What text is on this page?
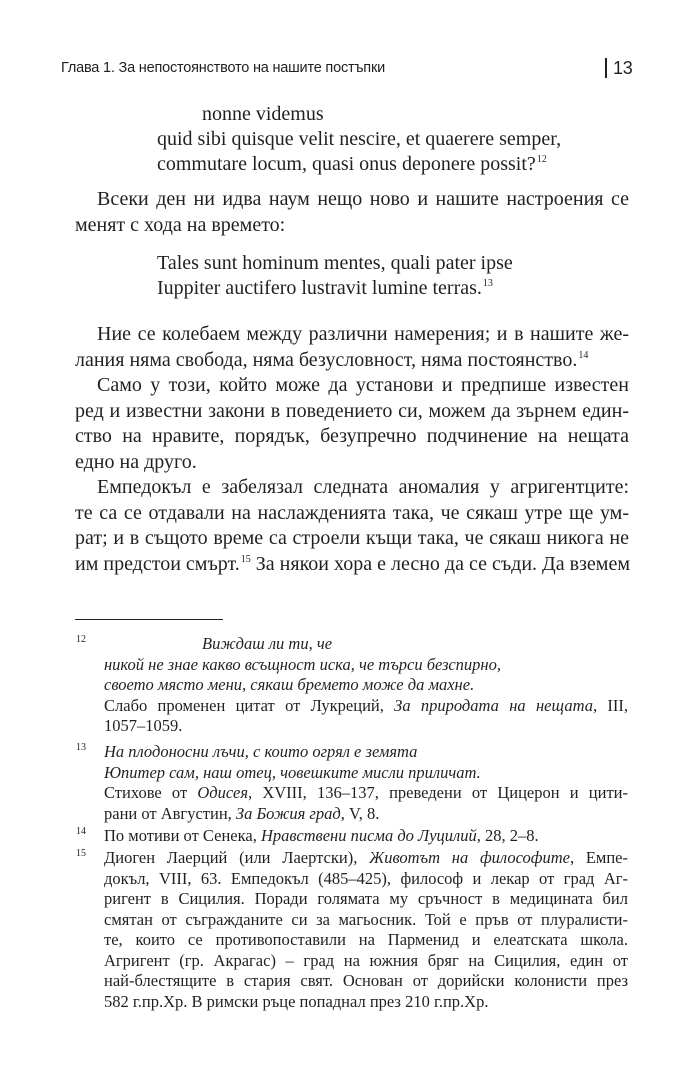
Глава 1. За непостоянството на нашите постъпки	13
nonne videmus
quid sibi quisque velit nescire, et quaerere semper,
commutare locum, quasi onus deponere possit?$^{12}$
Всеки ден ни идва наум нещо ново и нашите настроения се
менят с хода на времето:
Tales sunt hominum mentes, quali pater ipse
Iuppiter auctifero lustravit lumine terras.$^{13}$
Ние се колебаем между различни намерения; и в нашите же-
лания няма свобода, няма безусловност, няма постоянство.$^{14}$
Само у този, който може да установи и предпише известен
ред и известни закони в поведението си, можем да зърнем един-
ство на нравите, порядък, безупречно подчинение на нещата
едно на друго.
Емпедокъл е забелязал следната аномалия у агригентците:
те са се отдавали на наслажденията така, че сякаш утре ще ум-
рат; и в същото време са строели къщи така, че сякаш никога не
им предстои смърт.$^{15}$ За някои хора е лесно да се съди. Да вземем
12	Виждаш ли ти, че
никой не знае какво всъщност иска, че търси безспирно,
своето място мени, сякаш бремето може да махне.
Слабо променен цитат от Лукреций, За природата на нещата, III,
1057–1059.
13 На плодоносни лъчи, с които огрял е земята
Юпитер сам, наш отец, човешките мисли приличат.
Стихове от Одисея, XVIII, 136–137, преведени от Цицерон и цити-
рани от Августин, За Божия град, V, 8.
14 По мотиви от Сенека, Нравствени писма до Луцилий, 28, 2–8.
15 Диоген Лаерций (или Лаертски), Животът на философите, Емпе-
докъл, VIII, 63. Емпедокъл (485–425), философ и лекар от град Аг-
ригент в Сицилия. Поради голямата му сръчност в медицината бил
смятан от съгражданите си за магьосник. Той е пръв от плуралисти-
те, които се противопоставили на Парменид и елеатската школа.
Агригент (гр. Акрагас) – град на южния бряг на Сицилия, един от
най-блестящите в стария свят. Основан от дорийски колонисти през
582 г.пр.Хр. В римски ръце попаднал през 210 г.пр.Хр.
